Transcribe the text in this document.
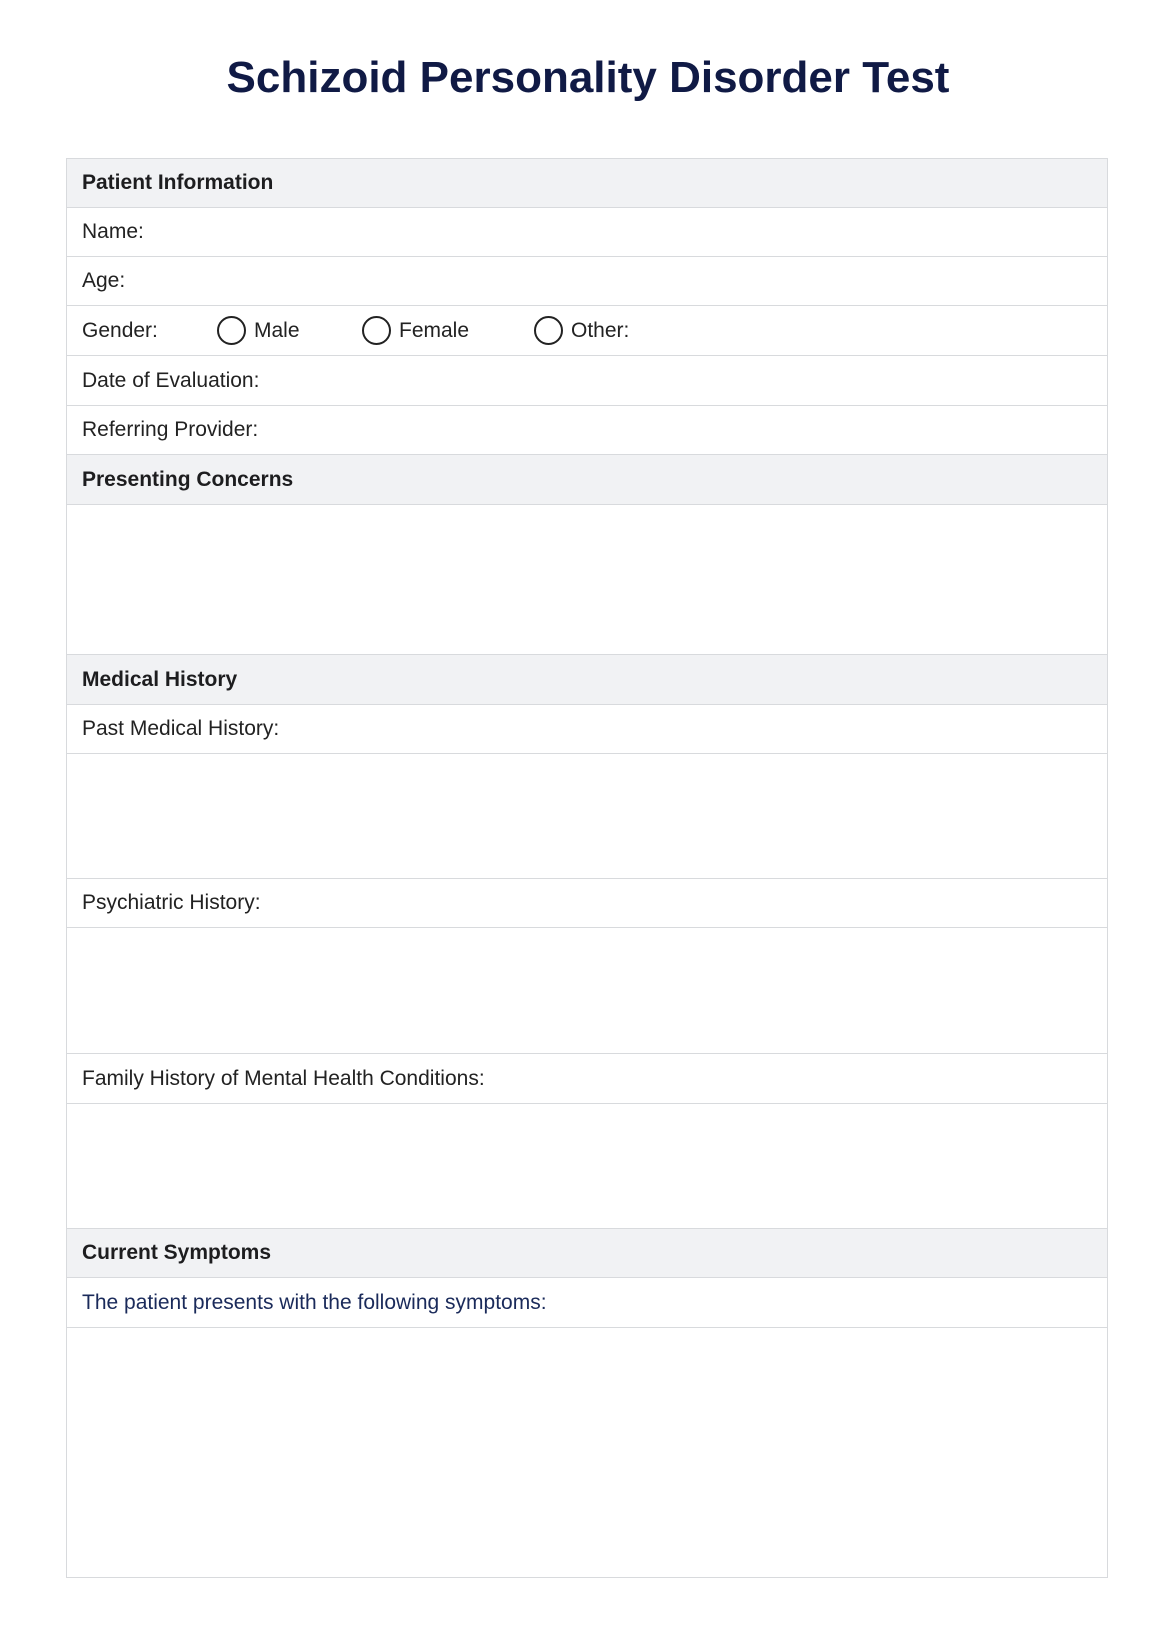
Schizoid Personality Disorder Test
Patient Information
Name:
Age:
Gender:	Male	Female	Other:
Date of Evaluation:
Referring Provider:
Presenting Concerns
Medical History
Past Medical History:
Psychiatric History:
Family History of Mental Health Conditions:
Current Symptoms
The patient presents with the following symptoms:
